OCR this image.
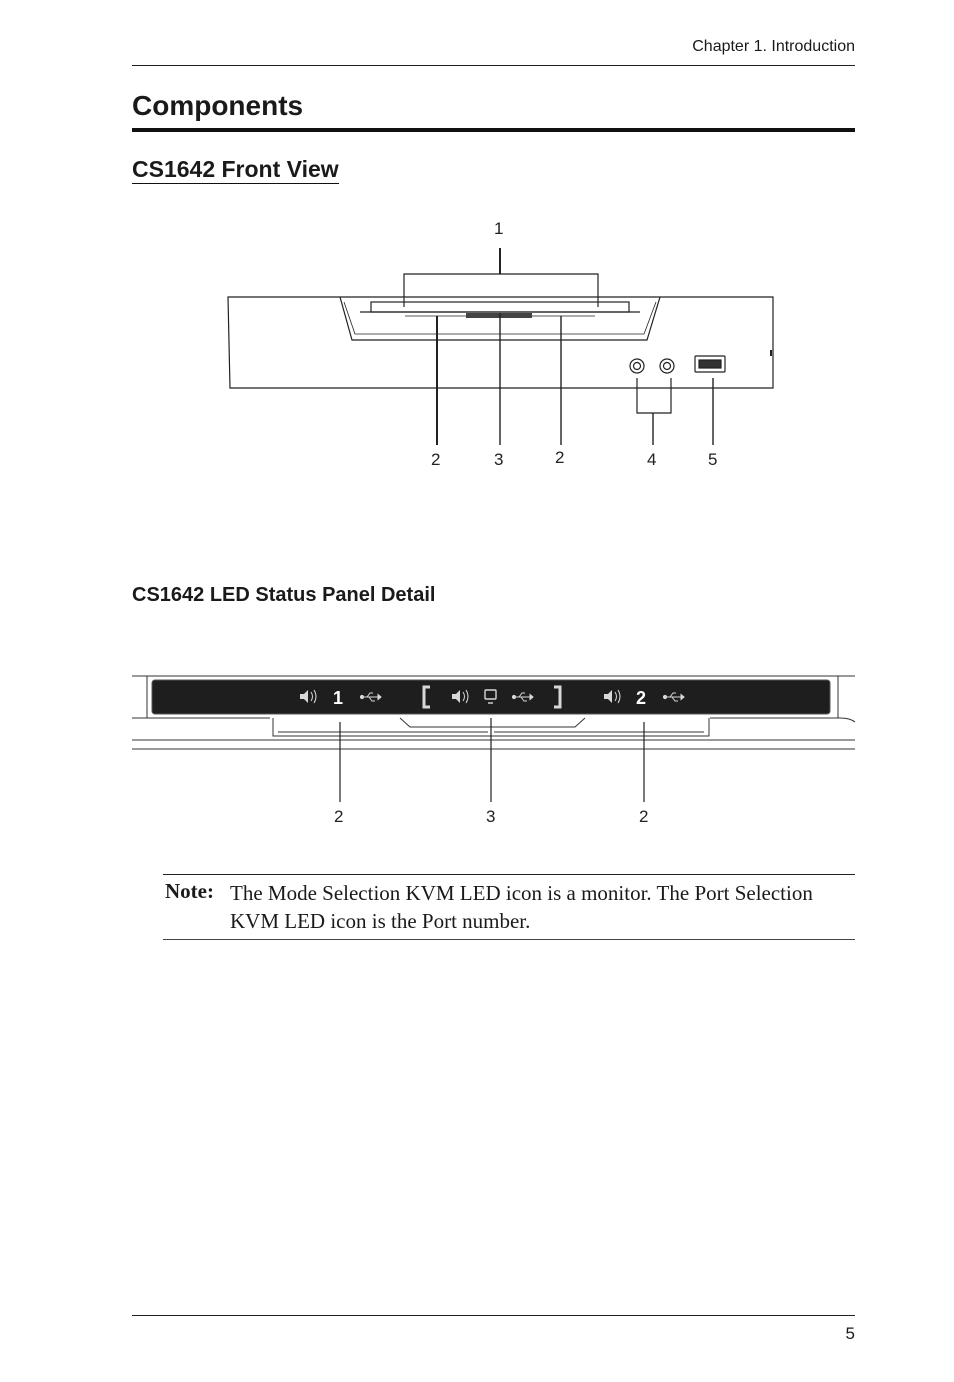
Chapter 1. Introduction
Components
CS1642 Front View
1
2	3	2	4	5
CS1642 LED Status Panel Detail
1	2
2	3	2
Note: The Mode Selection KVM LED icon is a monitor. The Port Selection KVM LED icon is the Port number.
5
